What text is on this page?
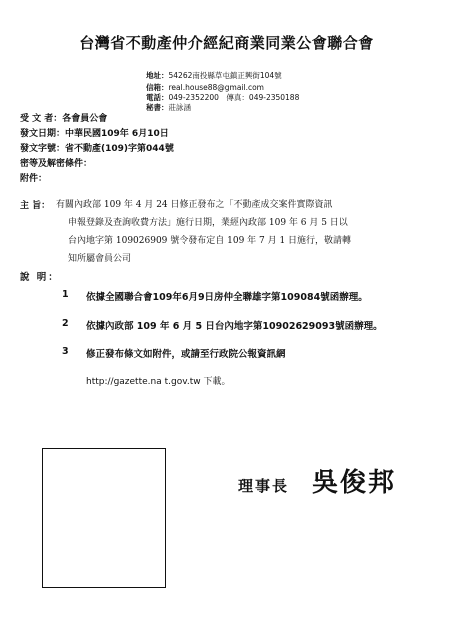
台灣省不動產仲介經紀商業同業公會聯合會
地址：54262南投縣草屯鎮正興街104號
信箱：real.house88@gmail.com
電話：049-2352200　傳真：049-2350188
秘書：莊詠涵
受 文 者：各會員公會
發文日期：中華民國109年 6月10日
發文字號：省不動產(109)字第044號
密等及解密條件：
附件：
主 旨： 有關內政部 109 年 4 月 24 日修正發布之「不動產成交案件實際資訊
申報登錄及查詢收費方法」施行日期，業經內政部 109 年 6 月 5 日以
台內地字第 109026909 號令發布定自 109 年 7 月 1 日施行，敬請轉
知所屬會員公司
說 明：
1 依據全國聯合會109年6月9日房仲全聯雄字第109084號函辦理。
2 依據內政部 109 年 6 月 5 日台內地字第10902629093號函辦理。
3 修正發布條文如附件，或請至行政院公報資訊網
http://gazette.na t.gov.tw 下載。
理事長 吳俊邦
